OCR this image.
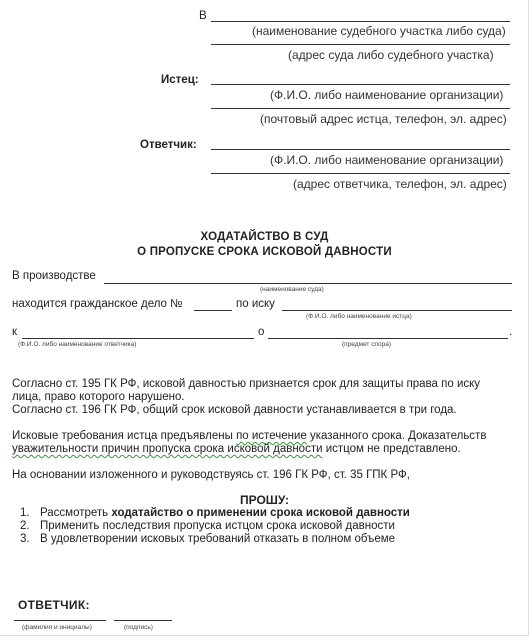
В
(наименование судебного участка либо суда)
(адрес суда либо судебного участка)
Истец:
(Ф.И.О. либо наименование организации)
(почтовый адрес истца, телефон, эл. адрес)
Ответчик:
(Ф.И.О. либо наименование организации)
(адрес ответчика, телефон, эл. адрес)
ХОДАТАЙСТВО В СУД
О ПРОПУСКЕ СРОКА ИСКОВОЙ ДАВНОСТИ
В производстве
(наименование суда)
находится гражданское дело №	по иску
(Ф.И.О. либо наименование истца)
к
(Ф.И.О. либо наименование ответчика)
о	.
(предмет спора)
Согласно ст. 195 ГК РФ, исковой давностью признается срок для защиты права по иску
лица, право которого нарушено.
Согласно ст. 196 ГК РФ, общий срок исковой давности устанавливается в три года.
Исковые требования истца предъявлены по истечение указанного срока. Доказательств
уважительности причин пропуска срока исковой давности истцом не представлено.
На основании изложенного и руководствуясь ст. 196 ГК РФ, ст. 35 ГПК РФ,
ПРОШУ:
1. Рассмотреть ходатайство о применении срока исковой давности
2. Применить последствия пропуска истцом срока исковой давности
3. В удовлетворении исковых требований отказать в полном объеме
ОТВЕТЧИК:
(фамилия и инициалы)	(подпись)
